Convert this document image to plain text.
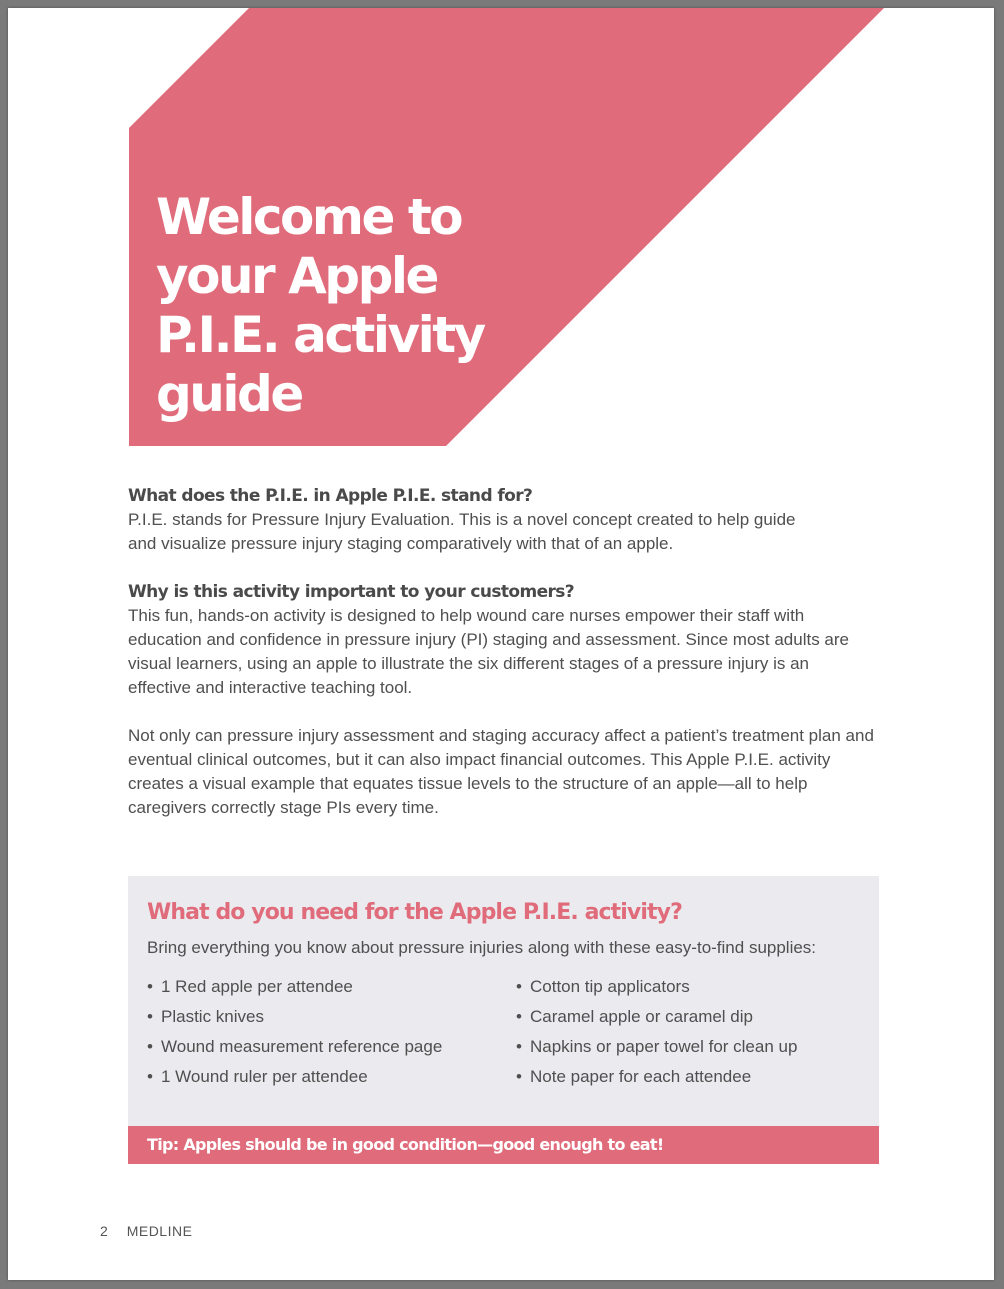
Welcome to your Apple P.I.E. activity guide
What does the P.I.E. in Apple P.I.E. stand for?

P.I.E. stands for Pressure Injury Evaluation. This is a novel concept created to help guide and visualize pressure injury staging comparatively with that of an apple.

Why is this activity important to your customers?

This fun, hands-on activity is designed to help wound care nurses empower their staff with education and confidence in pressure injury (PI) staging and assessment. Since most adults are visual learners, using an apple to illustrate the six different stages of a pressure injury is an effective and interactive teaching tool.

Not only can pressure injury assessment and staging accuracy affect a patient’s treatment plan and eventual clinical outcomes, but it can also impact financial outcomes. This Apple P.I.E. activity creates a visual example that equates tissue levels to the structure of an apple—all to help caregivers correctly stage PIs every time.

What do you need for the Apple P.I.E. activity?

Bring everything you know about pressure injuries along with these easy-to-find supplies:

• 1 Red apple per attendee
• Plastic knives
• Wound measurement reference page
• 1 Wound ruler per attendee
• Cotton tip applicators
• Caramel apple or caramel dip
• Napkins or paper towel for clean up
• Note paper for each attendee
Tip: Apples should be in good condition—good enough to eat!
2 MEDLINE
